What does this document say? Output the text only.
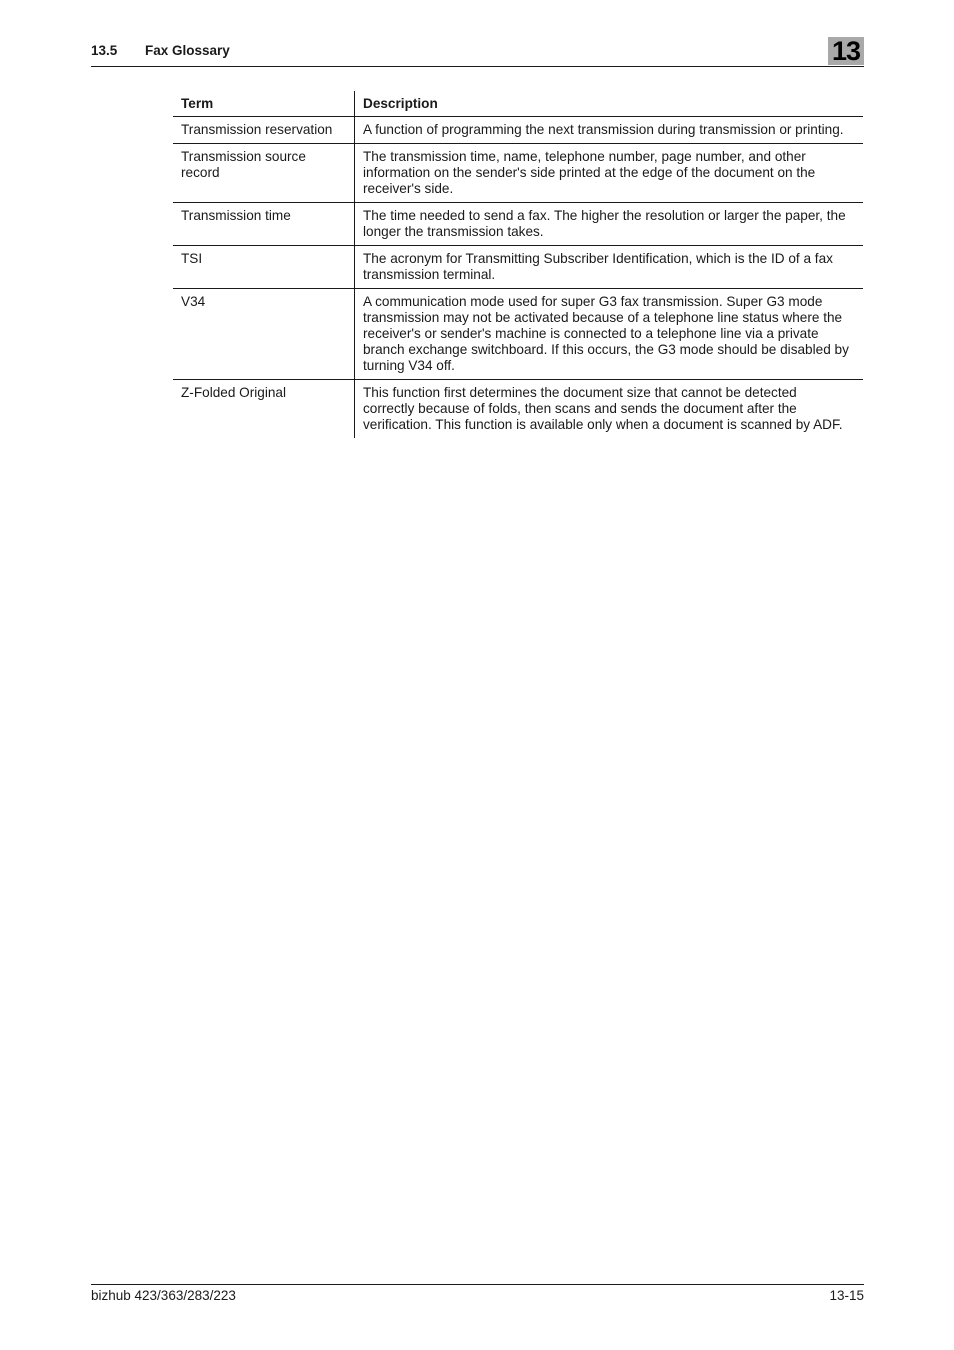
13.5 Fax Glossary	13
Term	Description
Transmission reservation	A function of programming the next transmission during transmission or printing.
Transmission source record	The transmission time, name, telephone number, page number, and other information on the sender's side printed at the edge of the document on the receiver's side.
Transmission time	The time needed to send a fax. The higher the resolution or larger the paper, the longer the transmission takes.
TSI	The acronym for Transmitting Subscriber Identification, which is the ID of a fax transmission terminal.
V34	A communication mode used for super G3 fax transmission. Super G3 mode transmission may not be activated because of a telephone line status where the receiver's or sender's machine is connected to a telephone line via a private branch exchange switchboard. If this occurs, the G3 mode should be disabled by turning V34 off.
Z-Folded Original	This function first determines the document size that cannot be detected correctly because of folds, then scans and sends the document after the verification. This function is available only when a document is scanned by ADF.
bizhub 423/363/283/223	13-15
